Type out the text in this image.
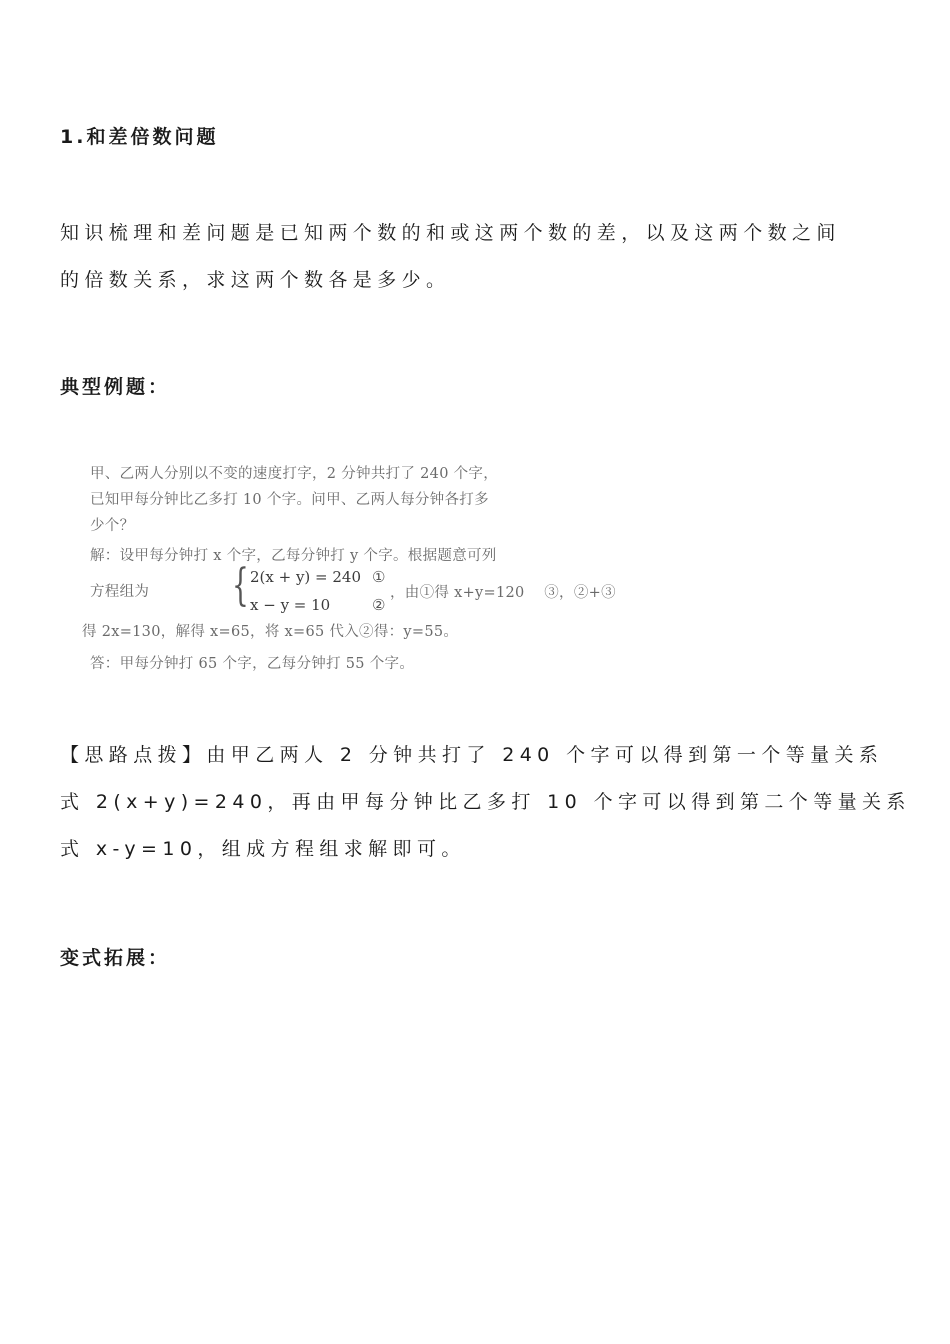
1.和差倍数问题
知识梳理和差问题是已知两个数的和或这两个数的差，以及这两个数之间
的倍数关系，求这两个数各是多少。
典型例题：
甲、乙两人分别以不变的速度打字，2 分钟共打了 240 个字，
已知甲每分钟比乙多打 10 个字。问甲、乙两人每分钟各打多
少个？
解：设甲每分钟打 x 个字，乙每分钟打 y 个字。根据题意可列
方程组为 { 2(x + y) = 240 ①
x − y = 10	②
，由①得 x+y=120　 ③，②+③
得 2x=130，解得 x=65，将 x=65 代入②得：y=55。
答：甲每分钟打 65 个字，乙每分钟打 55 个字。
【思路点拨】由甲乙两人 2 分钟共打了 240 个字可以得到第一个等量关系
式 2(x+y)=240，再由甲每分钟比乙多打 10 个字可以得到第二个等量关系
式 x-y=10，组成方程组求解即可。
变式拓展：
